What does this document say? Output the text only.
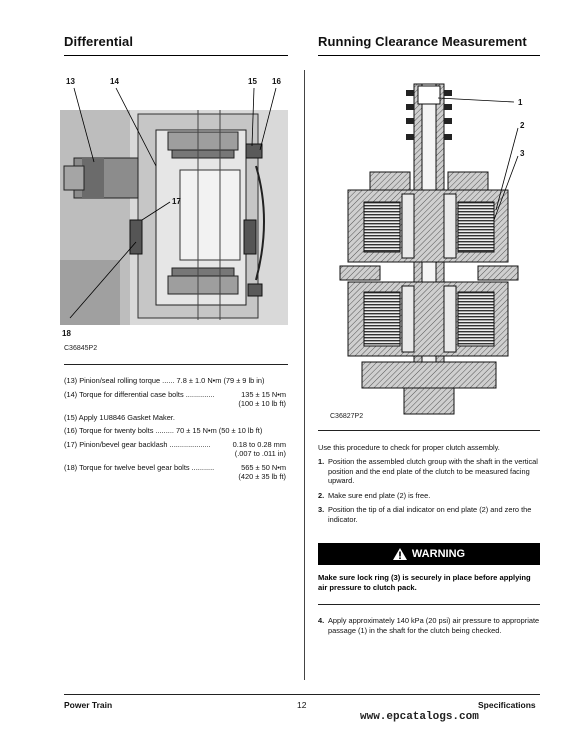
Differential	Running Clearance Measurement
13	14	15 16
17
18
C36845P2
(13) Pinion/seal rolling torque ...... 7.8 ± 1.0 N•m (79 ± 9 lb in)
(14) Torque for differential case bolts ..............	135 ± 15 N•m
(100 ± 10 lb ft)
(15) Apply 1U8846 Gasket Maker.
(16) Torque for twenty bolts ......... 70 ± 15 N•m (50 ± 10 lb ft)
(17) Pinion/bevel gear backlash ....................	0.18 to 0.28 mm
(.007 to .011 in)
(18) Torque for twelve bevel gear bolts ...........	565 ± 50 N•m
(420 ± 35 lb ft)
1
2
3
C36827P2
Use this procedure to check for proper clutch assembly.
1. Position the assembled clutch group with the shaft in the vertical position and the end plate of the clutch to be measured facing upward.
2. Make sure end plate (2) is free.
3. Position the tip of a dial indicator on end plate (2) and zero the indicator.
WARNING
Make sure lock ring (3) is securely in place before applying air pressure to clutch pack.
4. Apply approximately 140 kPa (20 psi) air pressure to appropriate passage (1) in the shaft for the clutch being checked.
Power Train	12	Specifications
www.epcatalogs.com
